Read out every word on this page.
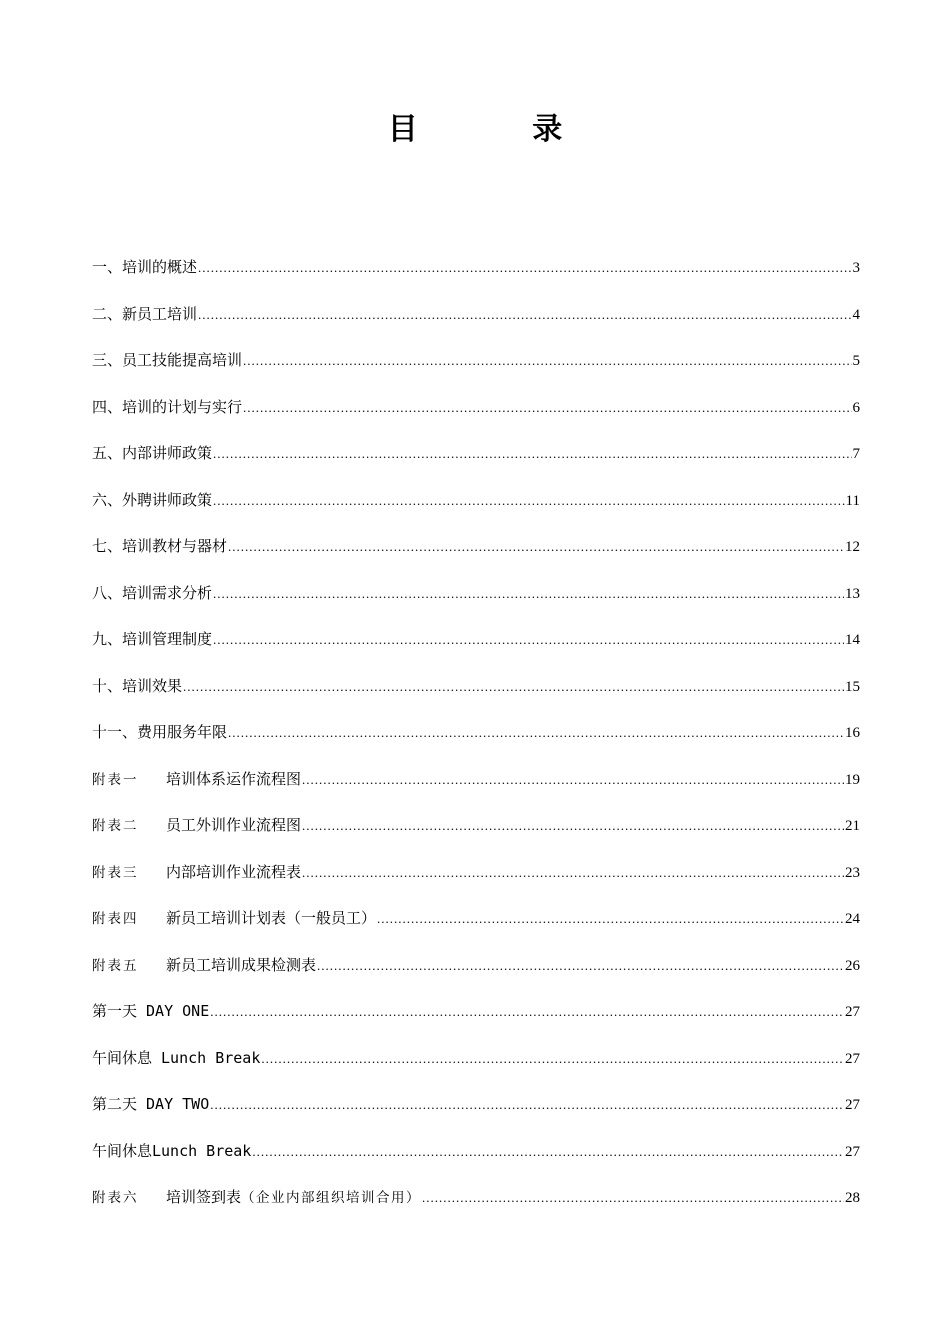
目 录
一、培训的概述 .....	3
二、新员工培训 .....	4
三、员工技能提高培训 .....	5
四、培训的计划与实行 .....	6
五、内部讲师政策 .....	7
六、外聘讲师政策 .....	11
七、培训教材与器材 .....	12
八、培训需求分析 .....	13
九、培训管理制度 .....	14
十、培训效果 .....	15
十一、费用服务年限 .....	16
附表一 培训体系运作流程图 .....	19
附表二 员工外训作业流程图 .....	21
附表三 内部培训作业流程表 .....	23
附表四 新员工培训计划表（一般员工） .....	24
附表五 新员工培训成果检测表 .....	26
第一天 DAY ONE .....	27
午间休息 Lunch Break .....	27
第二天 DAY TWO .....	27
午间休息Lunch Break .....	27
附表六 培训签到表（企业内部组织培训合用） .....	28
